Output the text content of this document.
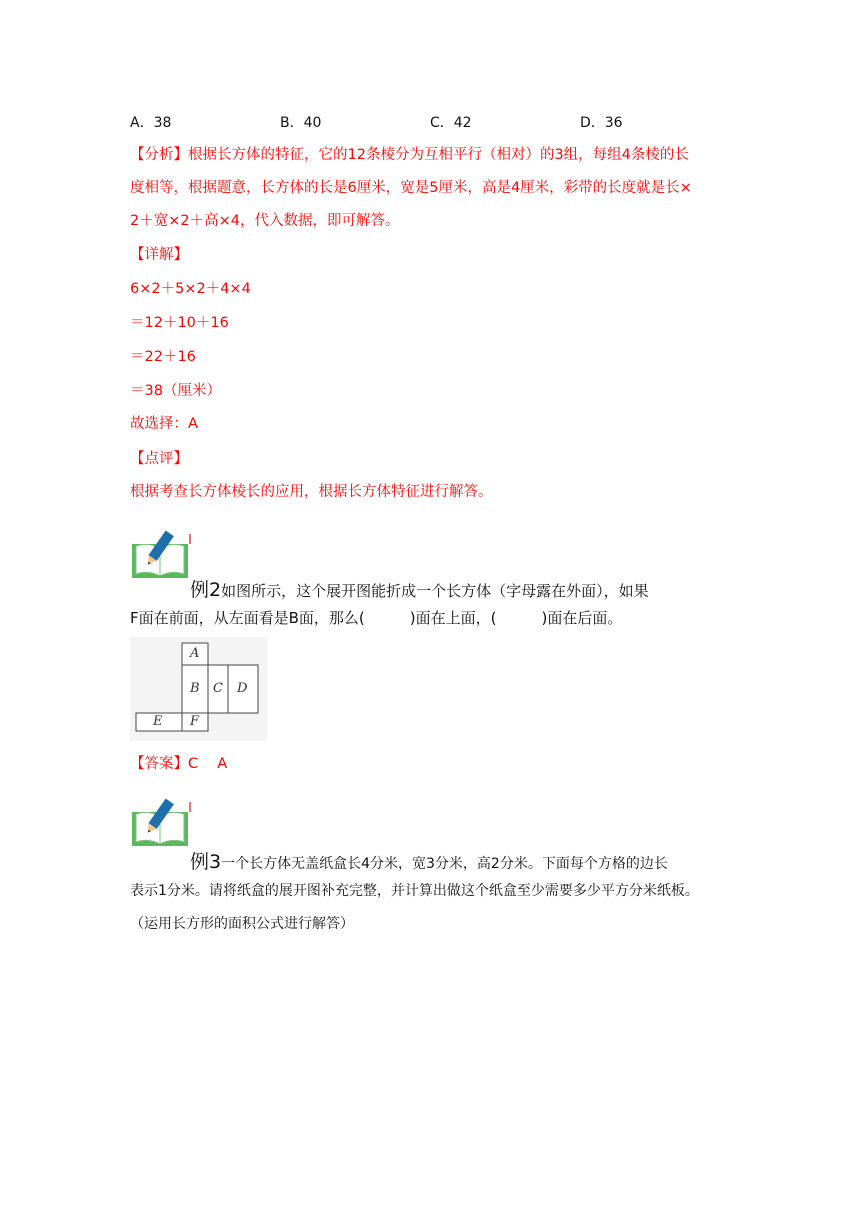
A．38	B．40	C．42	D．36
【分析】根据长方体的特征，它的12条棱分为互相平行（相对）的3组，每组4条棱的长
度相等，根据题意，长方体的长是6厘米，宽是5厘米，高是4厘米，彩带的长度就是长×
2＋宽×2＋高×4，代入数据，即可解答。
【详解】
6×2＋5×2＋4×4
＝12＋10＋16
＝22＋16
＝38（厘米）
故选择：A
【点评】
根据考查长方体棱长的应用，根据长方体特征进行解答。
例2如图所示，这个展开图能折成一个长方体（字母露在外面），如果
F面在前面，从左面看是B面，那么(　　　)面在上面，(　　　)面在后面。
A
B C D
E F
【答案】C　 A
例3一个长方体无盖纸盒长4分米，宽3分米，高2分米。下面每个方格的边长
表示1分米。请将纸盒的展开图补充完整，并计算出做这个纸盒至少需要多少平方分米纸板。
（运用长方形的面积公式进行解答）
